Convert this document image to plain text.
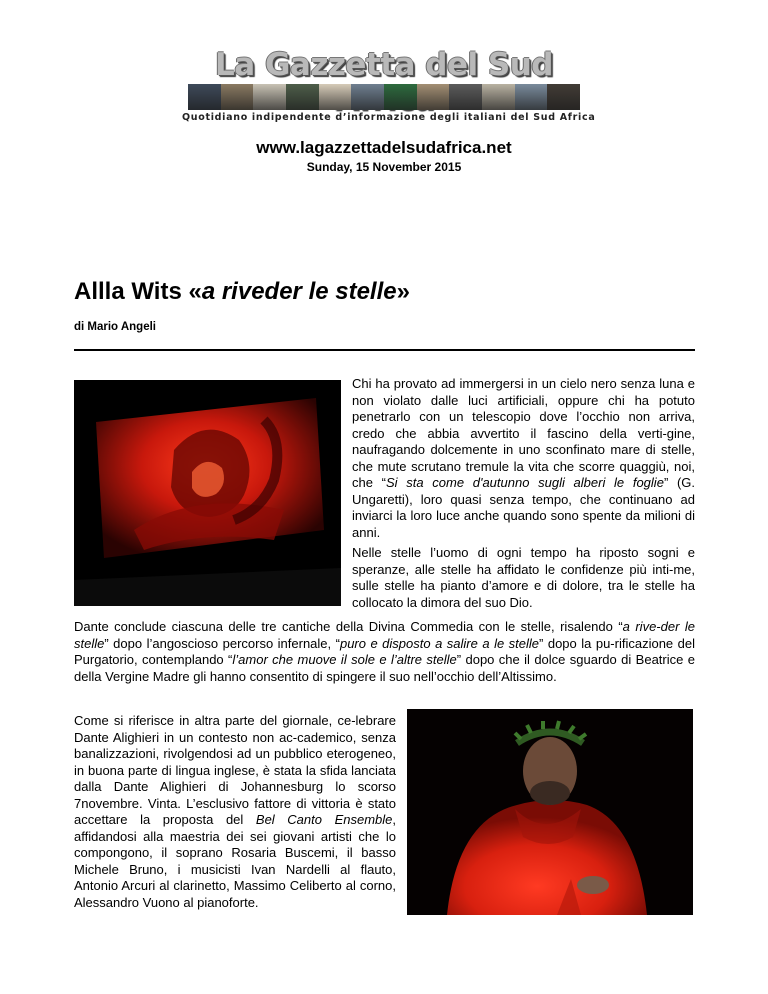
La Gazzetta del Sud
Quotidiano indipendente d’informazione degli italiani del Sud Africa
www.lagazzettadelsudafrica.net
Sunday, 15 November 2015
Allla Wits «a riveder le stelle»
di Mario Angeli

Chi ha provato ad immergersi in un cielo nero senza luna e non violato dalle luci artificiali, oppure chi ha potuto penetrarlo con un telescopio dove l’occhio non arriva, credo che abbia avvertito il fascino della verti-gine, naufragando dolcemente in uno sconfinato mare di stelle, che mute scrutano tremule la vita che scorre quaggiù, noi, che “Si sta come d'autunno sugli alberi le foglie” (G. Ungaretti), loro quasi senza tempo, che continuano ad inviarci la loro luce anche quando sono spente da milioni di anni.

Nelle stelle l’uomo di ogni tempo ha riposto sogni e speranze, alle stelle ha affidato le confidenze più inti-me, sulle stelle ha pianto d’amore e di dolore, tra le stelle ha collocato la dimora del suo Dio.

Dante conclude ciascuna delle tre cantiche della Divina Commedia con le stelle, risalendo “a rive-der le stelle” dopo l’angoscioso percorso infernale, “puro e disposto a salire a le stelle” dopo la pu-rificazione del Purgatorio, contemplando “l’amor che muove il sole e l’altre stelle” dopo che il dolce sguardo di Beatrice e della Vergine Madre gli hanno consentito di spingere il suo nell’occhio dell’Altissimo.

Come si riferisce in altra parte del giornale, ce-lebrare Dante Alighieri in un contesto non ac-cademico, senza banalizzazioni, rivolgendosi ad un pubblico eterogeneo, in buona parte di lingua inglese, è stata la sfida lanciata dalla Dante Alighieri di Johannesburg lo scorso 7novembre. Vinta. L’esclusivo fattore di vittoria è stato accettare la proposta del Bel Canto Ensemble, affidandosi alla maestria dei sei giovani artisti che lo compongono, il soprano Rosaria Buscemi, il basso Michele Bruno, i musicisti Ivan Nardelli al flauto, Antonio Arcuri al clarinetto, Massimo Celiberto al corno, Alessandro Vuono al pianoforte.
